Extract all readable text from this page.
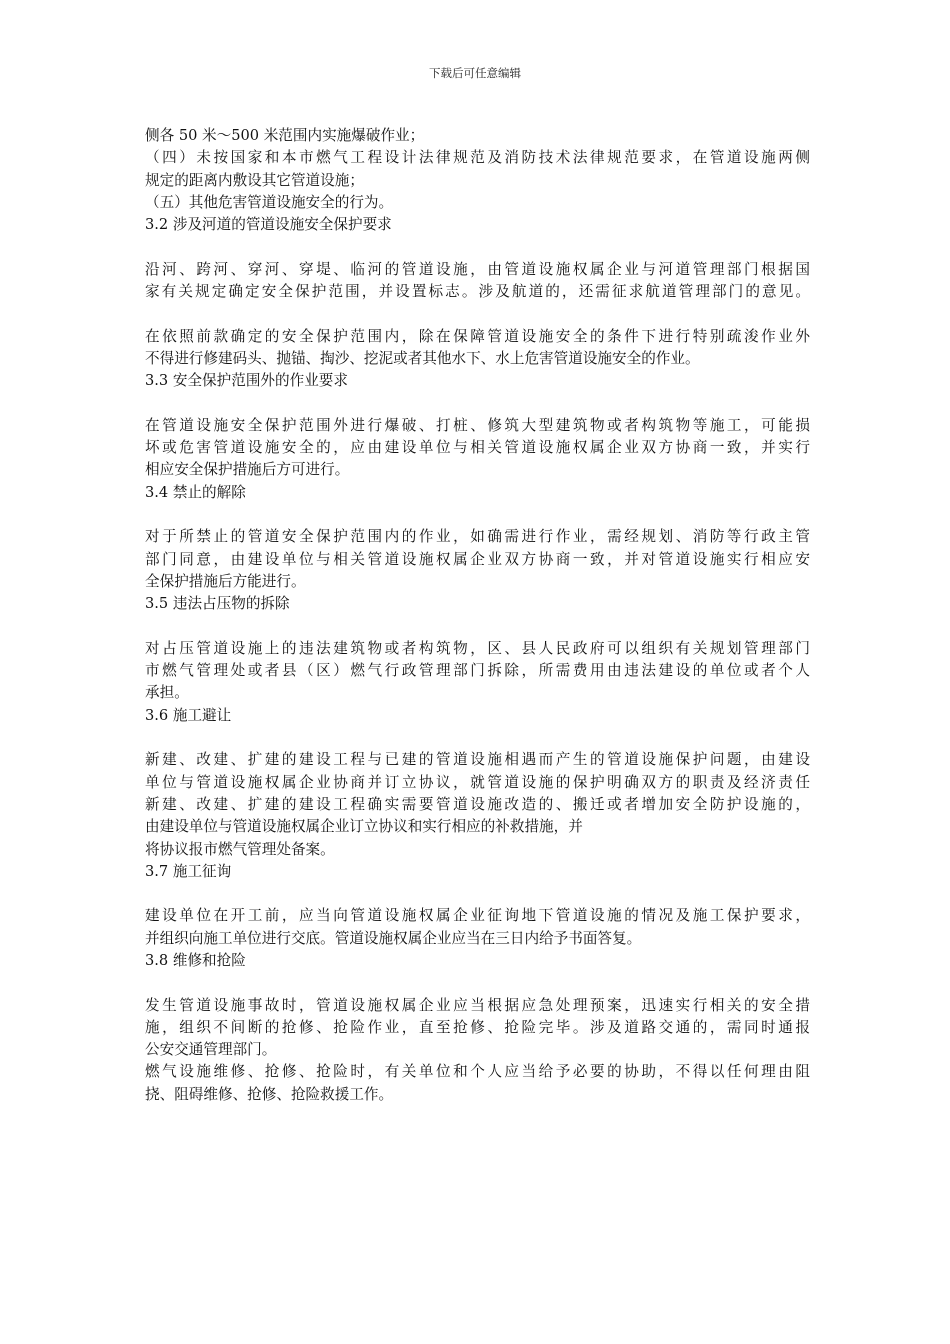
下载后可任意编辑
侧各 50 米～500 米范围内实施爆破作业；
（四）未按国家和本市燃气工程设计法律规范及消防技术法律规范要求，在管道设施两侧
规定的距离内敷设其它管道设施；
（五）其他危害管道设施安全的行为。
3.2 涉及河道的管道设施安全保护要求
沿河、跨河、穿河、穿堤、临河的管道设施，由管道设施权属企业与河道管理部门根据国
家有关规定确定安全保护范围，并设置标志。涉及航道的，还需征求航道管理部门的意见。
在依照前款确定的安全保护范围内，除在保障管道设施安全的条件下进行特别疏浚作业外
不得进行修建码头、抛锚、掏沙、挖泥或者其他水下、水上危害管道设施安全的作业。
3.3 安全保护范围外的作业要求
在管道设施安全保护范围外进行爆破、打桩、修筑大型建筑物或者构筑物等施工，可能损
坏或危害管道设施安全的，应由建设单位与相关管道设施权属企业双方协商一致，并实行
相应安全保护措施后方可进行。
3.4 禁止的解除
对于所禁止的管道安全保护范围内的作业，如确需进行作业，需经规划、消防等行政主管
部门同意，由建设单位与相关管道设施权属企业双方协商一致，并对管道设施实行相应安
全保护措施后方能进行。
3.5 违法占压物的拆除
对占压管道设施上的违法建筑物或者构筑物，区、县人民政府可以组织有关规划管理部门
市燃气管理处或者县（区）燃气行政管理部门拆除，所需费用由违法建设的单位或者个人
承担。
3.6 施工避让
新建、改建、扩建的建设工程与已建的管道设施相遇而产生的管道设施保护问题，由建设
单位与管道设施权属企业协商并订立协议，就管道设施的保护明确双方的职责及经济责任
新建、改建、扩建的建设工程确实需要管道设施改造的、搬迁或者增加安全防护设施的，
由建设单位与管道设施权属企业订立协议和实行相应的补救措施，并
将协议报市燃气管理处备案。
3.7 施工征询
建设单位在开工前，应当向管道设施权属企业征询地下管道设施的情况及施工保护要求，
并组织向施工单位进行交底。管道设施权属企业应当在三日内给予书面答复。
3.8 维修和抢险
发生管道设施事故时，管道设施权属企业应当根据应急处理预案，迅速实行相关的安全措
施，组织不间断的抢修、抢险作业，直至抢修、抢险完毕。涉及道路交通的，需同时通报
公安交通管理部门。
燃气设施维修、抢修、抢险时，有关单位和个人应当给予必要的协助，不得以任何理由阻
挠、阻碍维修、抢修、抢险救援工作。
